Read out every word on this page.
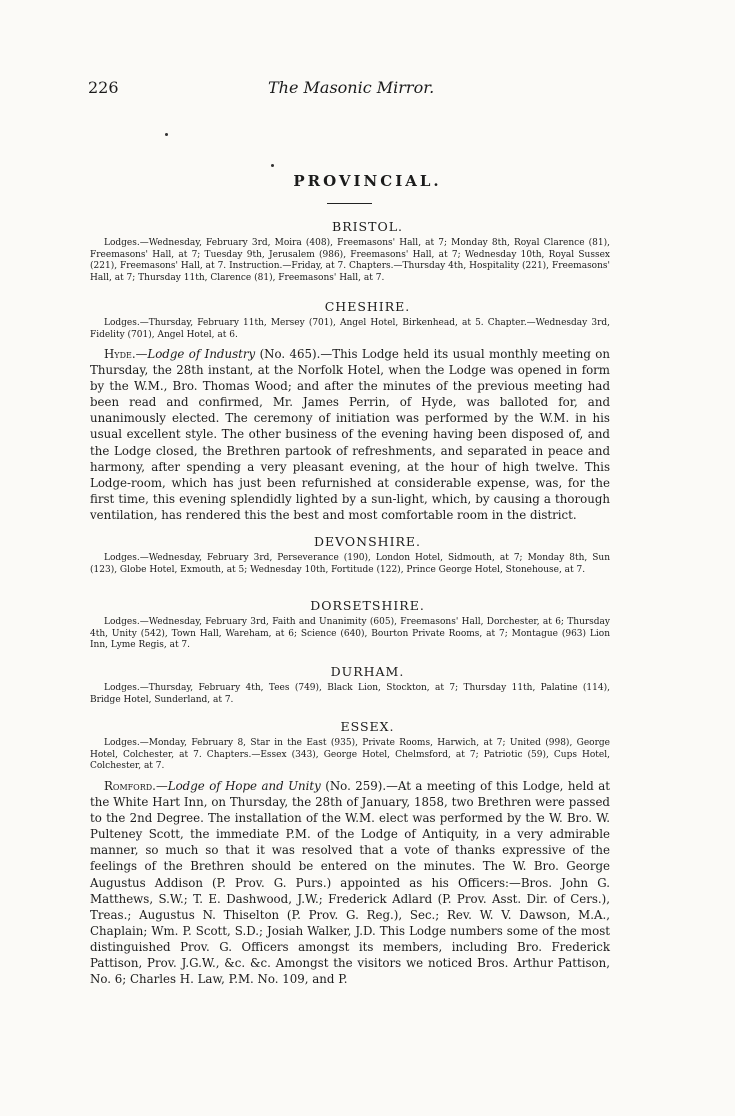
226	The Masonic Mirror.
PROVINCIAL.
BRISTOL.

Lodges.—Wednesday, February 3rd, Moira (408), Freemasons' Hall, at 7; Monday 8th, Royal Clarence (81), Freemasons' Hall, at 7; Tuesday 9th, Jerusalem (986), Freemasons' Hall, at 7; Wednesday 10th, Royal Sussex (221), Freemasons' Hall, at 7. Instruction.—Friday, at 7. Chapters.—Thursday 4th, Hospitality (221), Freemasons' Hall, at 7; Thursday 11th, Clarence (81), Freemasons' Hall, at 7.

CHESHIRE.

Lodges.—Thursday, February 11th, Mersey (701), Angel Hotel, Birkenhead, at 5. Chapter.—Wednesday 3rd, Fidelity (701), Angel Hotel, at 6.

Hyde.—Lodge of Industry (No. 465).—This Lodge held its usual monthly meeting on Thursday, the 28th instant, at the Norfolk Hotel, when the Lodge was opened in form by the W.M., Bro. Thomas Wood; and after the minutes of the previous meeting had been read and confirmed, Mr. James Perrin, of Hyde, was balloted for, and unanimously elected. The ceremony of initiation was performed by the W.M. in his usual excellent style. The other business of the evening having been disposed of, and the Lodge closed, the Brethren partook of refreshments, and separated in peace and harmony, after spending a very pleasant evening, at the hour of high twelve. This Lodge-room, which has just been refurnished at considerable expense, was, for the first time, this evening splendidly lighted by a sun-light, which, by causing a thorough ventilation, has rendered this the best and most comfortable room in the district.

DEVONSHIRE.

Lodges.—Wednesday, February 3rd, Perseverance (190), London Hotel, Sidmouth, at 7; Monday 8th, Sun (123), Globe Hotel, Exmouth, at 5; Wednesday 10th, Fortitude (122), Prince George Hotel, Stonehouse, at 7.

DORSETSHIRE.

Lodges.—Wednesday, February 3rd, Faith and Unanimity (605), Freemasons' Hall, Dorchester, at 6; Thursday 4th, Unity (542), Town Hall, Wareham, at 6; Science (640), Bourton Private Rooms, at 7; Montague (963) Lion Inn, Lyme Regis, at 7.

DURHAM.

Lodges.—Thursday, February 4th, Tees (749), Black Lion, Stockton, at 7; Thursday 11th, Palatine (114), Bridge Hotel, Sunderland, at 7.

ESSEX.

Lodges.—Monday, February 8, Star in the East (935), Private Rooms, Harwich, at 7; United (998), George Hotel, Colchester, at 7. Chapters.—Essex (343), George Hotel, Chelmsford, at 7; Patriotic (59), Cups Hotel, Colchester, at 7.

Romford.—Lodge of Hope and Unity (No. 259).—At a meeting of this Lodge, held at the White Hart Inn, on Thursday, the 28th of January, 1858, two Brethren were passed to the 2nd Degree. The installation of the W.M. elect was performed by the W. Bro. W. Pulteney Scott, the immediate P.M. of the Lodge of Antiquity, in a very admirable manner, so much so that it was resolved that a vote of thanks expressive of the feelings of the Brethren should be entered on the minutes. The W. Bro. George Augustus Addison (P. Prov. G. Purs.) appointed as his Officers:—Bros. John G. Matthews, S.W.; T. E. Dashwood, J.W.; Frederick Adlard (P. Prov. Asst. Dir. of Cers.), Treas.; Augustus N. Thiselton (P. Prov. G. Reg.), Sec.; Rev. W. V. Dawson, M.A., Chaplain; Wm. P. Scott, S.D.; Josiah Walker, J.D. This Lodge numbers some of the most distinguished Prov. G. Officers amongst its members, including Bro. Frederick Pattison, Prov. J.G.W., &c. &c. Amongst the visitors we noticed Bros. Arthur Pattison, No. 6; Charles H. Law, P.M. No. 109, and P.
